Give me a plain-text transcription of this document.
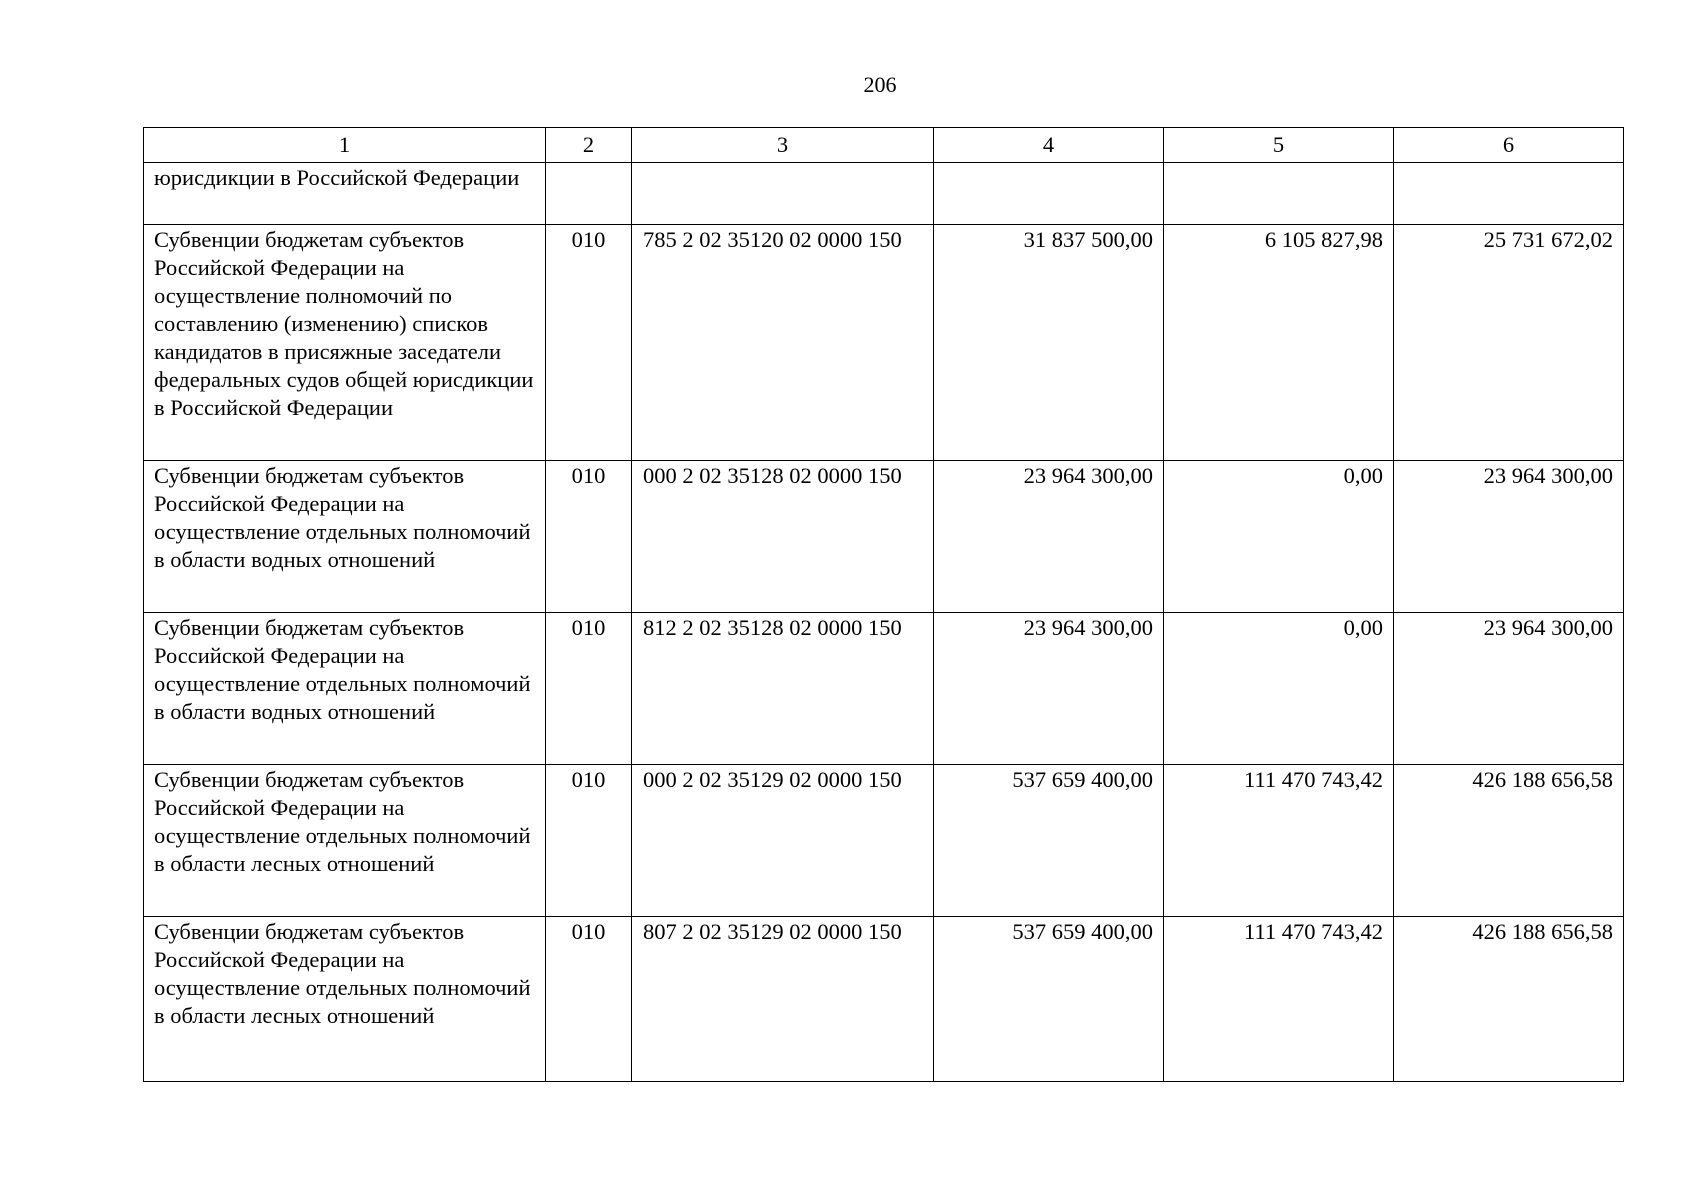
206
1	2	3	4	5	6
юрисдикции в Российской Федерации					
Субвенции бюджетам субъектов Российской Федерации на осуществление полномочий по составлению (изменению) списков кандидатов в присяжные заседатели федеральных судов общей юрисдикции в Российской Федерации	010	785 2 02 35120 02 0000 150	31 837 500,00	6 105 827,98	25 731 672,02
Субвенции бюджетам субъектов Российской Федерации на осуществление отдельных полномочий в области водных отношений	010	000 2 02 35128 02 0000 150	23 964 300,00	0,00	23 964 300,00
Субвенции бюджетам субъектов Российской Федерации на осуществление отдельных полномочий в области водных отношений	010	812 2 02 35128 02 0000 150	23 964 300,00	0,00	23 964 300,00
Субвенции бюджетам субъектов Российской Федерации на осуществление отдельных полномочий в области лесных отношений	010	000 2 02 35129 02 0000 150	537 659 400,00	111 470 743,42	426 188 656,58
Субвенции бюджетам субъектов Российской Федерации на осуществление отдельных полномочий в области лесных отношений	010	807 2 02 35129 02 0000 150	537 659 400,00	111 470 743,42	426 188 656,58
